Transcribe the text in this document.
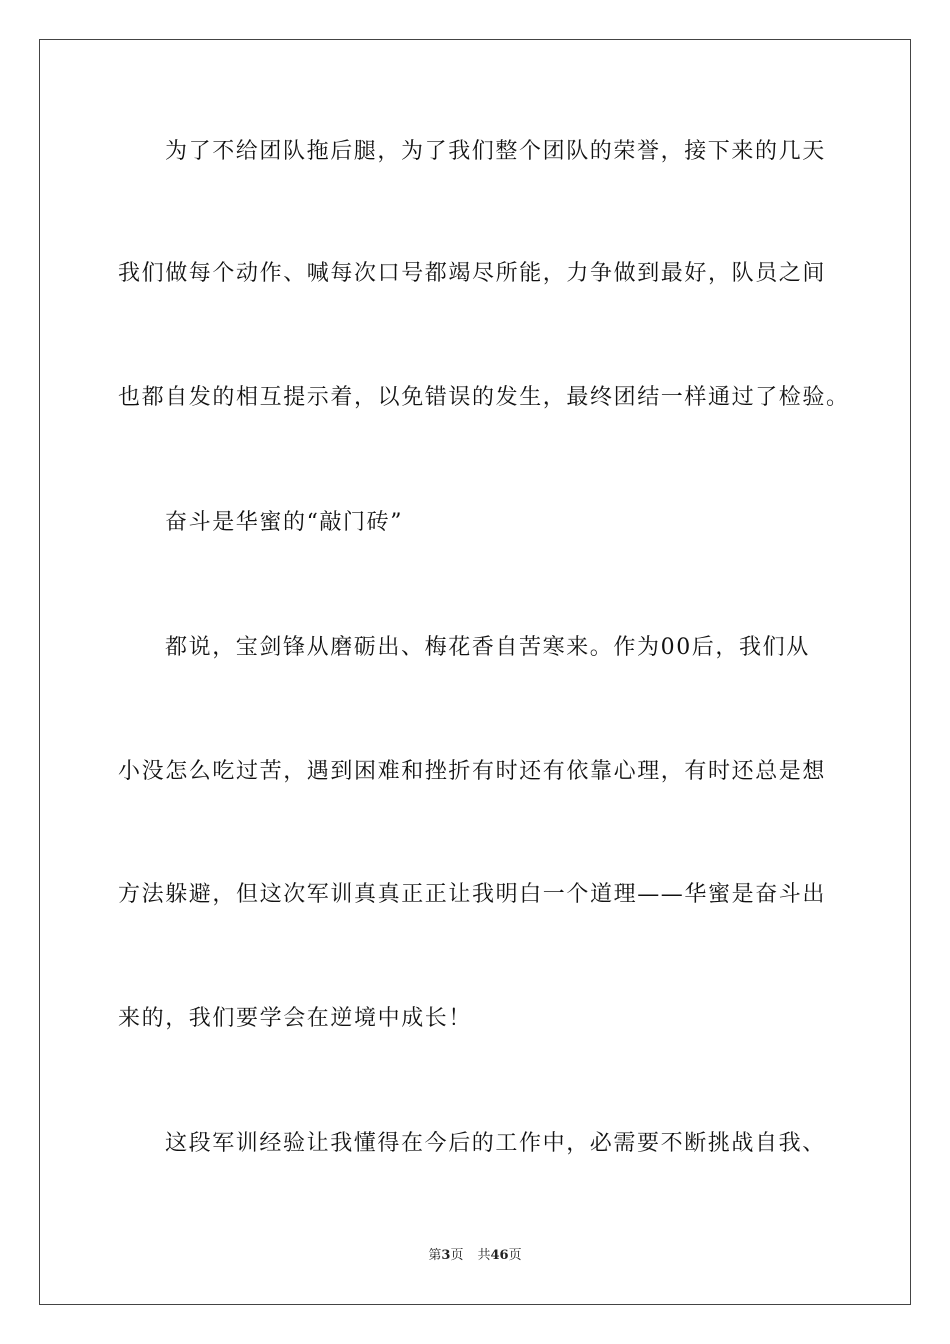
为了不给团队拖后腿，为了我们整个团队的荣誉，接下来的几天
我们做每个动作、喊每次口号都竭尽所能，力争做到最好，队员之间
也都自发的相互提示着，以免错误的发生，最终团结一样通过了检验。
奋斗是华蜜的“敲门砖”
都说，宝剑锋从磨砺出、梅花香自苦寒来。作为00后，我们从
小没怎么吃过苦，遇到困难和挫折有时还有依靠心理，有时还总是想
方法躲避，但这次军训真真正正让我明白一个道理——华蜜是奋斗出
来的，我们要学会在逆境中成长！
这段军训经验让我懂得在今后的工作中，必需要不断挑战自我、
第3页 共46页
